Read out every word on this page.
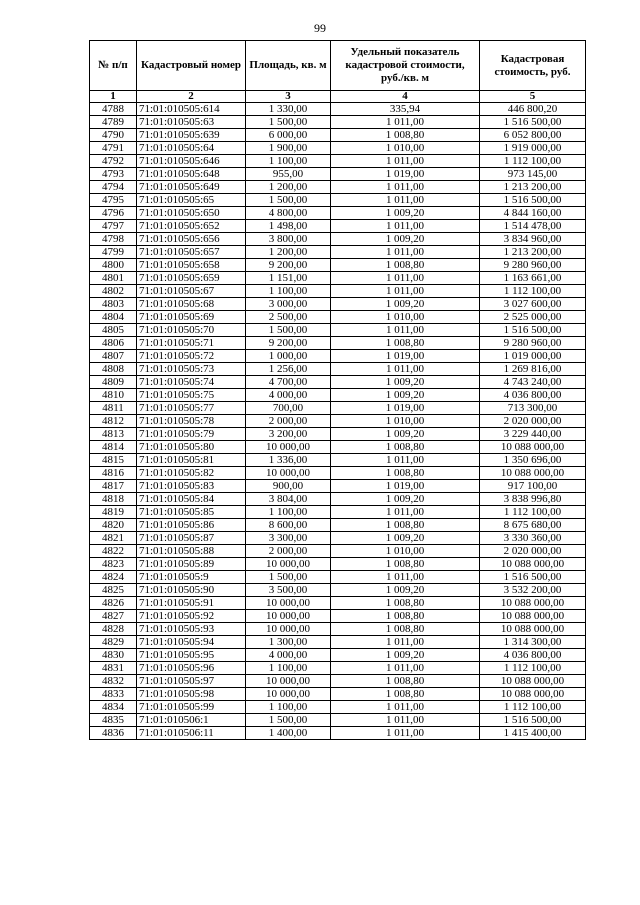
99
№ п/п	Кадастровый номер	Площадь, кв. м	Удельный показатель кадастровой стоимости, руб./кв. м	Кадастровая стоимость, руб.
1	2	3	4	5
4788	71:01:010505:614	1 330,00	335,94	446 800,20
4789	71:01:010505:63	1 500,00	1 011,00	1 516 500,00
4790	71:01:010505:639	6 000,00	1 008,80	6 052 800,00
4791	71:01:010505:64	1 900,00	1 010,00	1 919 000,00
4792	71:01:010505:646	1 100,00	1 011,00	1 112 100,00
4793	71:01:010505:648	955,00	1 019,00	973 145,00
4794	71:01:010505:649	1 200,00	1 011,00	1 213 200,00
4795	71:01:010505:65	1 500,00	1 011,00	1 516 500,00
4796	71:01:010505:650	4 800,00	1 009,20	4 844 160,00
4797	71:01:010505:652	1 498,00	1 011,00	1 514 478,00
4798	71:01:010505:656	3 800,00	1 009,20	3 834 960,00
4799	71:01:010505:657	1 200,00	1 011,00	1 213 200,00
4800	71:01:010505:658	9 200,00	1 008,80	9 280 960,00
4801	71:01:010505:659	1 151,00	1 011,00	1 163 661,00
4802	71:01:010505:67	1 100,00	1 011,00	1 112 100,00
4803	71:01:010505:68	3 000,00	1 009,20	3 027 600,00
4804	71:01:010505:69	2 500,00	1 010,00	2 525 000,00
4805	71:01:010505:70	1 500,00	1 011,00	1 516 500,00
4806	71:01:010505:71	9 200,00	1 008,80	9 280 960,00
4807	71:01:010505:72	1 000,00	1 019,00	1 019 000,00
4808	71:01:010505:73	1 256,00	1 011,00	1 269 816,00
4809	71:01:010505:74	4 700,00	1 009,20	4 743 240,00
4810	71:01:010505:75	4 000,00	1 009,20	4 036 800,00
4811	71:01:010505:77	700,00	1 019,00	713 300,00
4812	71:01:010505:78	2 000,00	1 010,00	2 020 000,00
4813	71:01:010505:79	3 200,00	1 009,20	3 229 440,00
4814	71:01:010505:80	10 000,00	1 008,80	10 088 000,00
4815	71:01:010505:81	1 336,00	1 011,00	1 350 696,00
4816	71:01:010505:82	10 000,00	1 008,80	10 088 000,00
4817	71:01:010505:83	900,00	1 019,00	917 100,00
4818	71:01:010505:84	3 804,00	1 009,20	3 838 996,80
4819	71:01:010505:85	1 100,00	1 011,00	1 112 100,00
4820	71:01:010505:86	8 600,00	1 008,80	8 675 680,00
4821	71:01:010505:87	3 300,00	1 009,20	3 330 360,00
4822	71:01:010505:88	2 000,00	1 010,00	2 020 000,00
4823	71:01:010505:89	10 000,00	1 008,80	10 088 000,00
4824	71:01:010505:9	1 500,00	1 011,00	1 516 500,00
4825	71:01:010505:90	3 500,00	1 009,20	3 532 200,00
4826	71:01:010505:91	10 000,00	1 008,80	10 088 000,00
4827	71:01:010505:92	10 000,00	1 008,80	10 088 000,00
4828	71:01:010505:93	10 000,00	1 008,80	10 088 000,00
4829	71:01:010505:94	1 300,00	1 011,00	1 314 300,00
4830	71:01:010505:95	4 000,00	1 009,20	4 036 800,00
4831	71:01:010505:96	1 100,00	1 011,00	1 112 100,00
4832	71:01:010505:97	10 000,00	1 008,80	10 088 000,00
4833	71:01:010505:98	10 000,00	1 008,80	10 088 000,00
4834	71:01:010505:99	1 100,00	1 011,00	1 112 100,00
4835	71:01:010506:1	1 500,00	1 011,00	1 516 500,00
4836	71:01:010506:11	1 400,00	1 011,00	1 415 400,00
